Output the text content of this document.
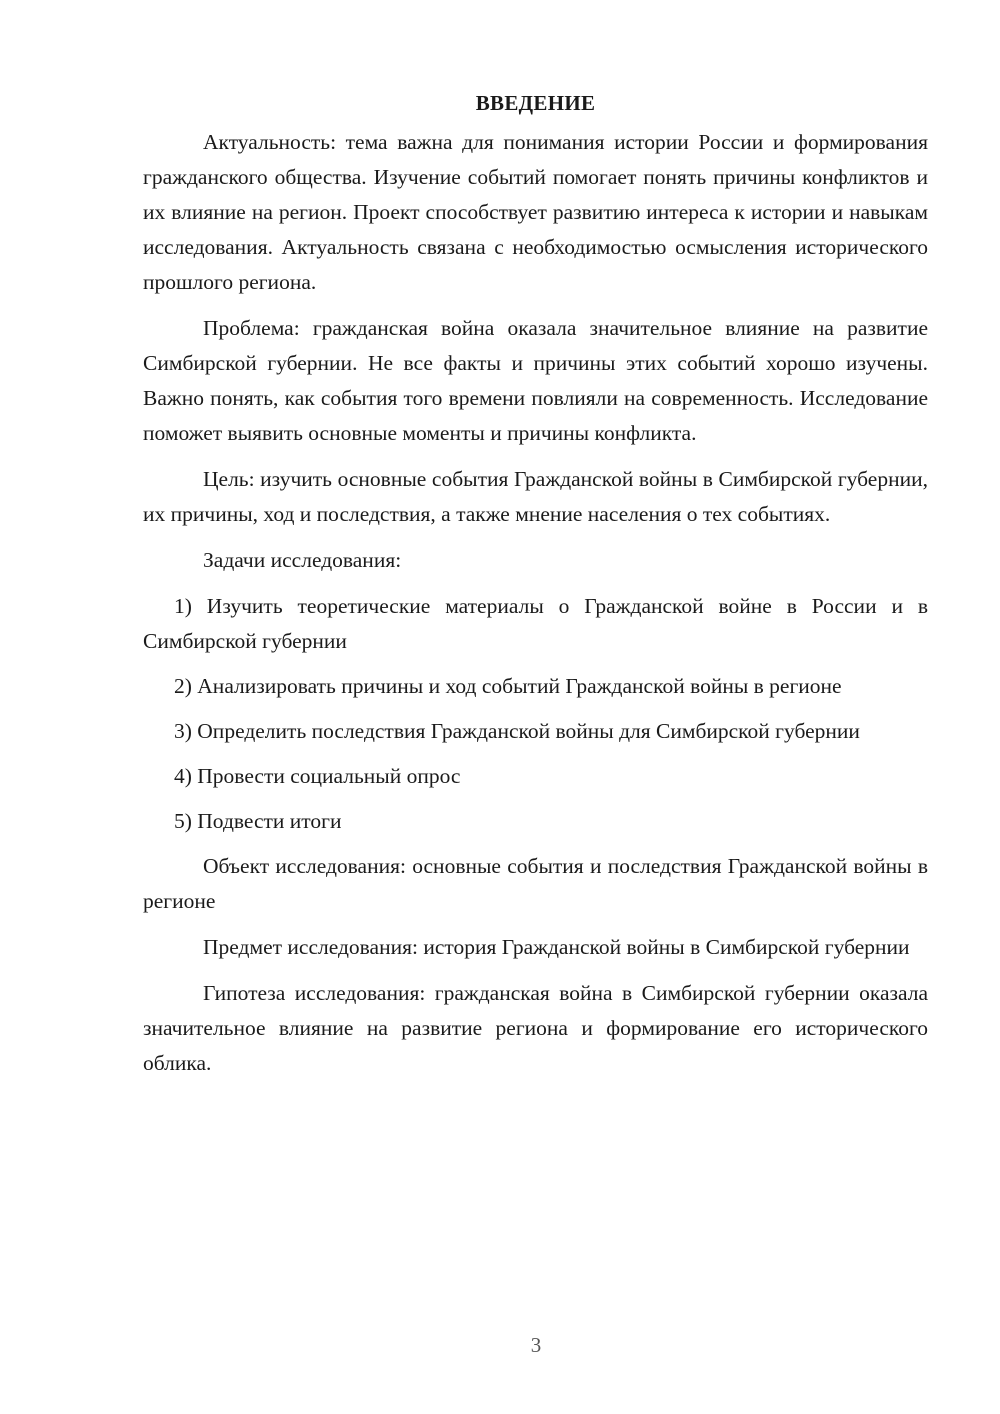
ВВЕДЕНИЕ

Актуальность: тема важна для понимания истории России и формирования гражданского общества. Изучение событий помогает понять причины конфликтов и их влияние на регион. Проект способствует развитию интереса к истории и навыкам исследования. Актуальность связана с необходимостью осмысления исторического прошлого региона.

Проблема: гражданская война оказала значительное влияние на развитие Симбирской губернии. Не все факты и причины этих событий хорошо изучены. Важно понять, как события того времени повлияли на современность. Исследование поможет выявить основные моменты и причины конфликта.

Цель: изучить основные события Гражданской войны в Симбирской губернии, их причины, ход и последствия, а также мнение населения о тех событиях.

Задачи исследования:

1) Изучить теоретические материалы о Гражданской войне в России и в Симбирской губернии

2) Анализировать причины и ход событий Гражданской войны в регионе

3) Определить последствия Гражданской войны для Симбирской губернии

4) Провести социальный опрос

5) Подвести итоги

Объект исследования: основные события и последствия Гражданской войны в регионе

Предмет исследования: история Гражданской войны в Симбирской губернии

Гипотеза исследования: гражданская война в Симбирской губернии оказала значительное влияние на развитие региона и формирование его исторического облика.

3
